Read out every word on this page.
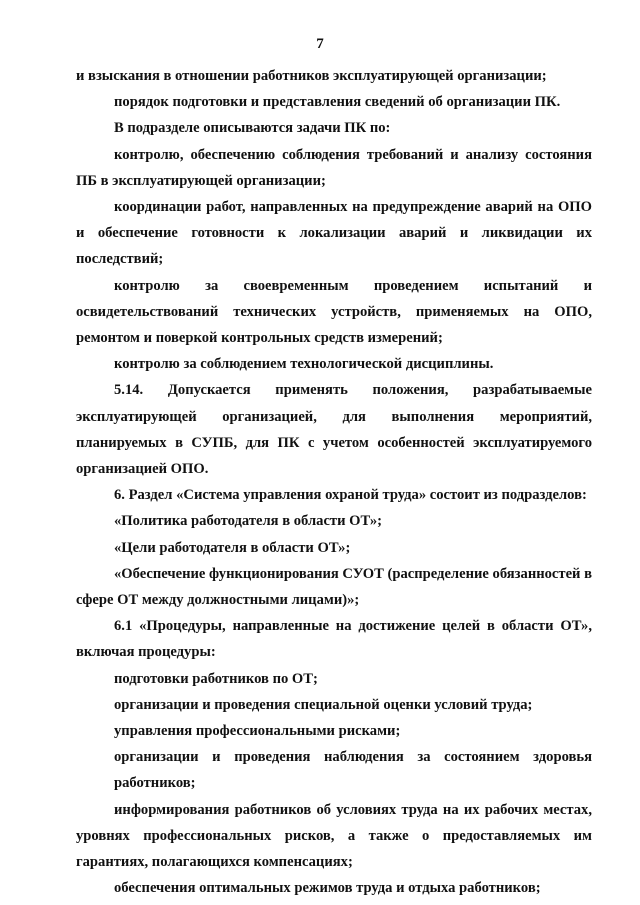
7

и взыскания в отношении работников эксплуатирующей организации;

порядок подготовки и представления сведений об организации ПК.

В подразделе описываются задачи ПК по:

контролю, обеспечению соблюдения требований и анализу состояния ПБ в эксплуатирующей организации;

координации работ, направленных на предупреждение аварий на ОПО и обеспечение готовности к локализации аварий и ликвидации их последствий;

контролю за своевременным проведением испытаний и освидетельствований технических устройств, применяемых на ОПО, ремонтом и поверкой контрольных средств измерений;

контролю за соблюдением технологической дисциплины.

5.14. Допускается применять положения, разрабатываемые эксплуатирующей организацией, для выполнения мероприятий, планируемых в СУПБ, для ПК с учетом особенностей эксплуатируемого организацией ОПО.

6. Раздел «Система управления охраной труда» состоит из подразделов:

«Политика работодателя в области ОТ»;

«Цели работодателя в области ОТ»;

«Обеспечение функционирования СУОТ (распределение обязанностей в сфере ОТ между должностными лицами)»;

6.1 «Процедуры, направленные на достижение целей в области ОТ», включая процедуры:

подготовки работников по ОТ;

организации и проведения специальной оценки условий труда;

управления профессиональными рисками;

организации и проведения наблюдения за состоянием здоровья работников;

информирования работников об условиях труда на их рабочих местах, уровнях профессиональных рисков, а также о предоставляемых им гарантиях, полагающихся компенсациях;

обеспечения оптимальных режимов труда и отдыха работников;
